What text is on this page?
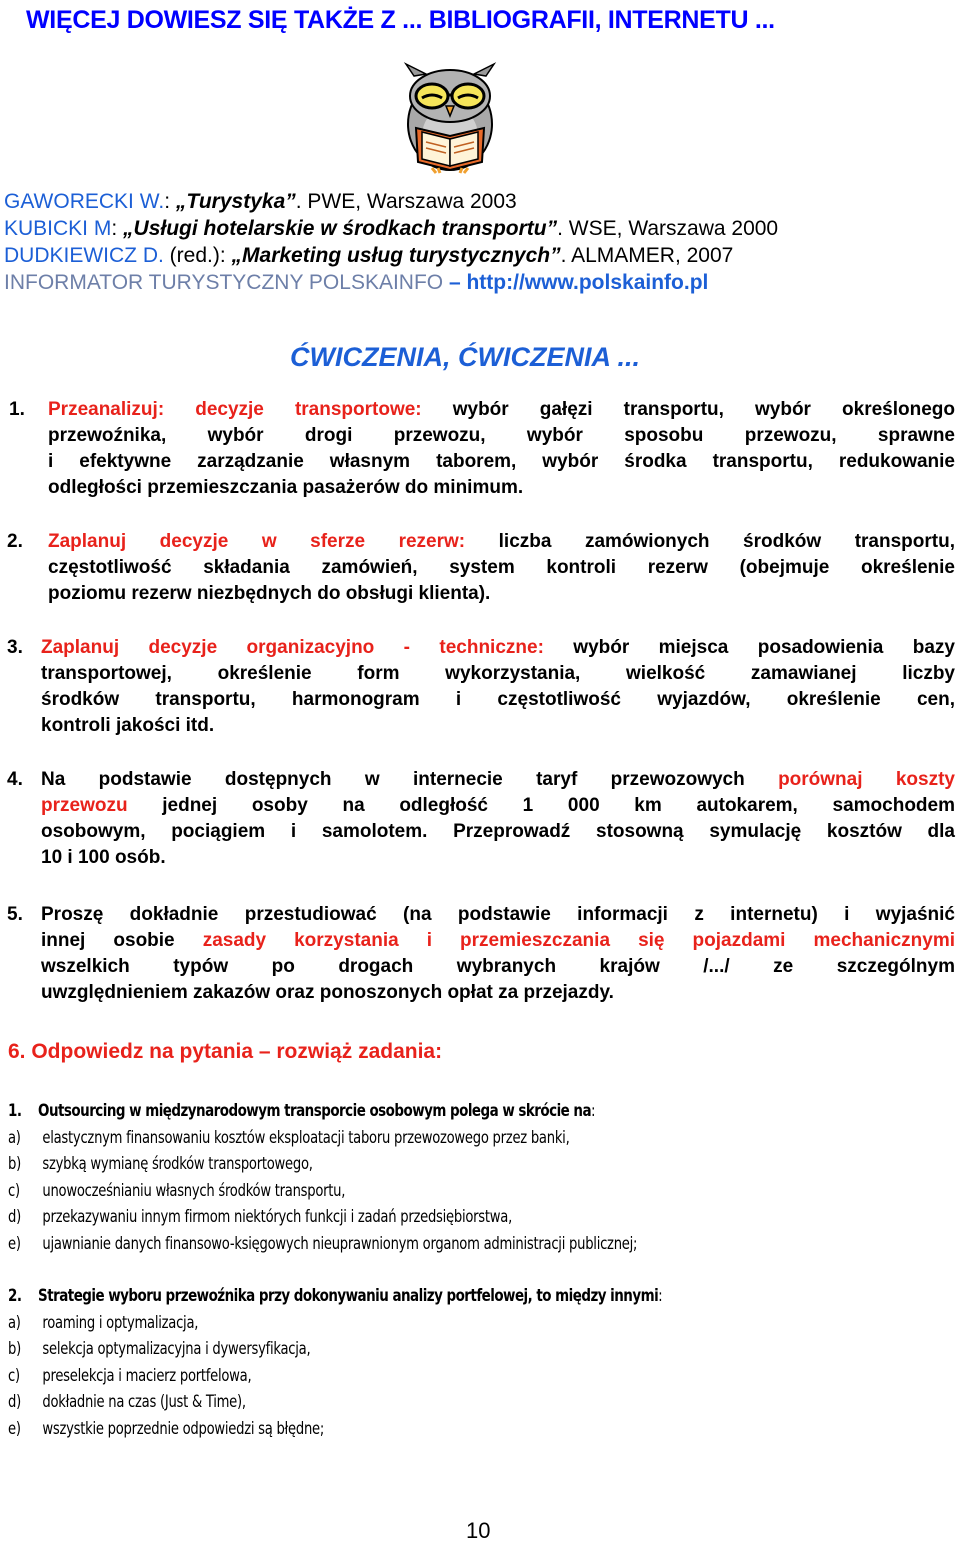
WIĘCEJ DOWIESZ SIĘ TAKŻE Z ... BIBLIOGRAFII, INTERNETU ...
GAWORECKI W.: „Turystyka”. PWE, Warszawa 2003
KUBICKI M: „Usługi hotelarskie w środkach transportu”. WSE, Warszawa 2000
DUDKIEWICZ D. (red.): „Marketing usług turystycznych”. ALMAMER, 2007
INFORMATOR TURYSTYCZNY POLSKAINFO – http://www.polskainfo.pl
ĆWICZENIA, ĆWICZENIA ...
1. Przeanalizuj: decyzje transportowe: wybór gałęzi transportu, wybór określonego
przewoźnika, wybór drogi przewozu, wybór sposobu przewozu, sprawne
i efektywne zarządzanie własnym taborem, wybór środka transportu, redukowanie
odległości przemieszczania pasażerów do minimum.
2. Zaplanuj decyzje w sferze rezerw: liczba zamówionych środków transportu,
częstotliwość składania zamówień, system kontroli rezerw (obejmuje określenie
poziomu rezerw niezbędnych do obsługi klienta).
3. Zaplanuj decyzje organizacyjno - techniczne: wybór miejsca posadowienia bazy
transportowej, określenie form wykorzystania, wielkość zamawianej liczby
środków transportu, harmonogram i częstotliwość wyjazdów, określenie cen,
kontroli jakości itd.
4. Na podstawie dostępnych w internecie taryf przewozowych porównaj koszty
przewozu jednej osoby na odległość 1 000 km autokarem, samochodem
osobowym, pociągiem i samolotem. Przeprowadź stosowną symulację kosztów dla
10 i 100 osób.
5. Proszę dokładnie przestudiować (na podstawie informacji z internetu) i wyjaśnić
innej osobie zasady korzystania i przemieszczania się pojazdami mechanicznymi
wszelkich typów po drogach wybranych krajów /.../ ze szczególnym
uwzględnieniem zakazów oraz ponoszonych opłat za przejazdy.
6. Odpowiedz na pytania – rozwiąż zadania:
1. Outsourcing w międzynarodowym transporcie osobowym polega w skrócie na:
a) elastycznym finansowaniu kosztów eksploatacji taboru przewozowego przez banki,
b) szybką wymianę środków transportowego,
c) unowocześnianiu własnych środków transportu,
d) przekazywaniu innym firmom niektórych funkcji i zadań przedsiębiorstwa,
e) ujawnianie danych finansowo-księgowych nieuprawnionym organom administracji publicznej;
2. Strategie wyboru przewoźnika przy dokonywaniu analizy portfelowej, to między innymi:
a) roaming i optymalizacja,
b) selekcja optymalizacyjna i dywersyfikacja,
c) preselekcja i macierz portfelowa,
d) dokładnie na czas (Just & Time),
e) wszystkie poprzednie odpowiedzi są błędne;
10
